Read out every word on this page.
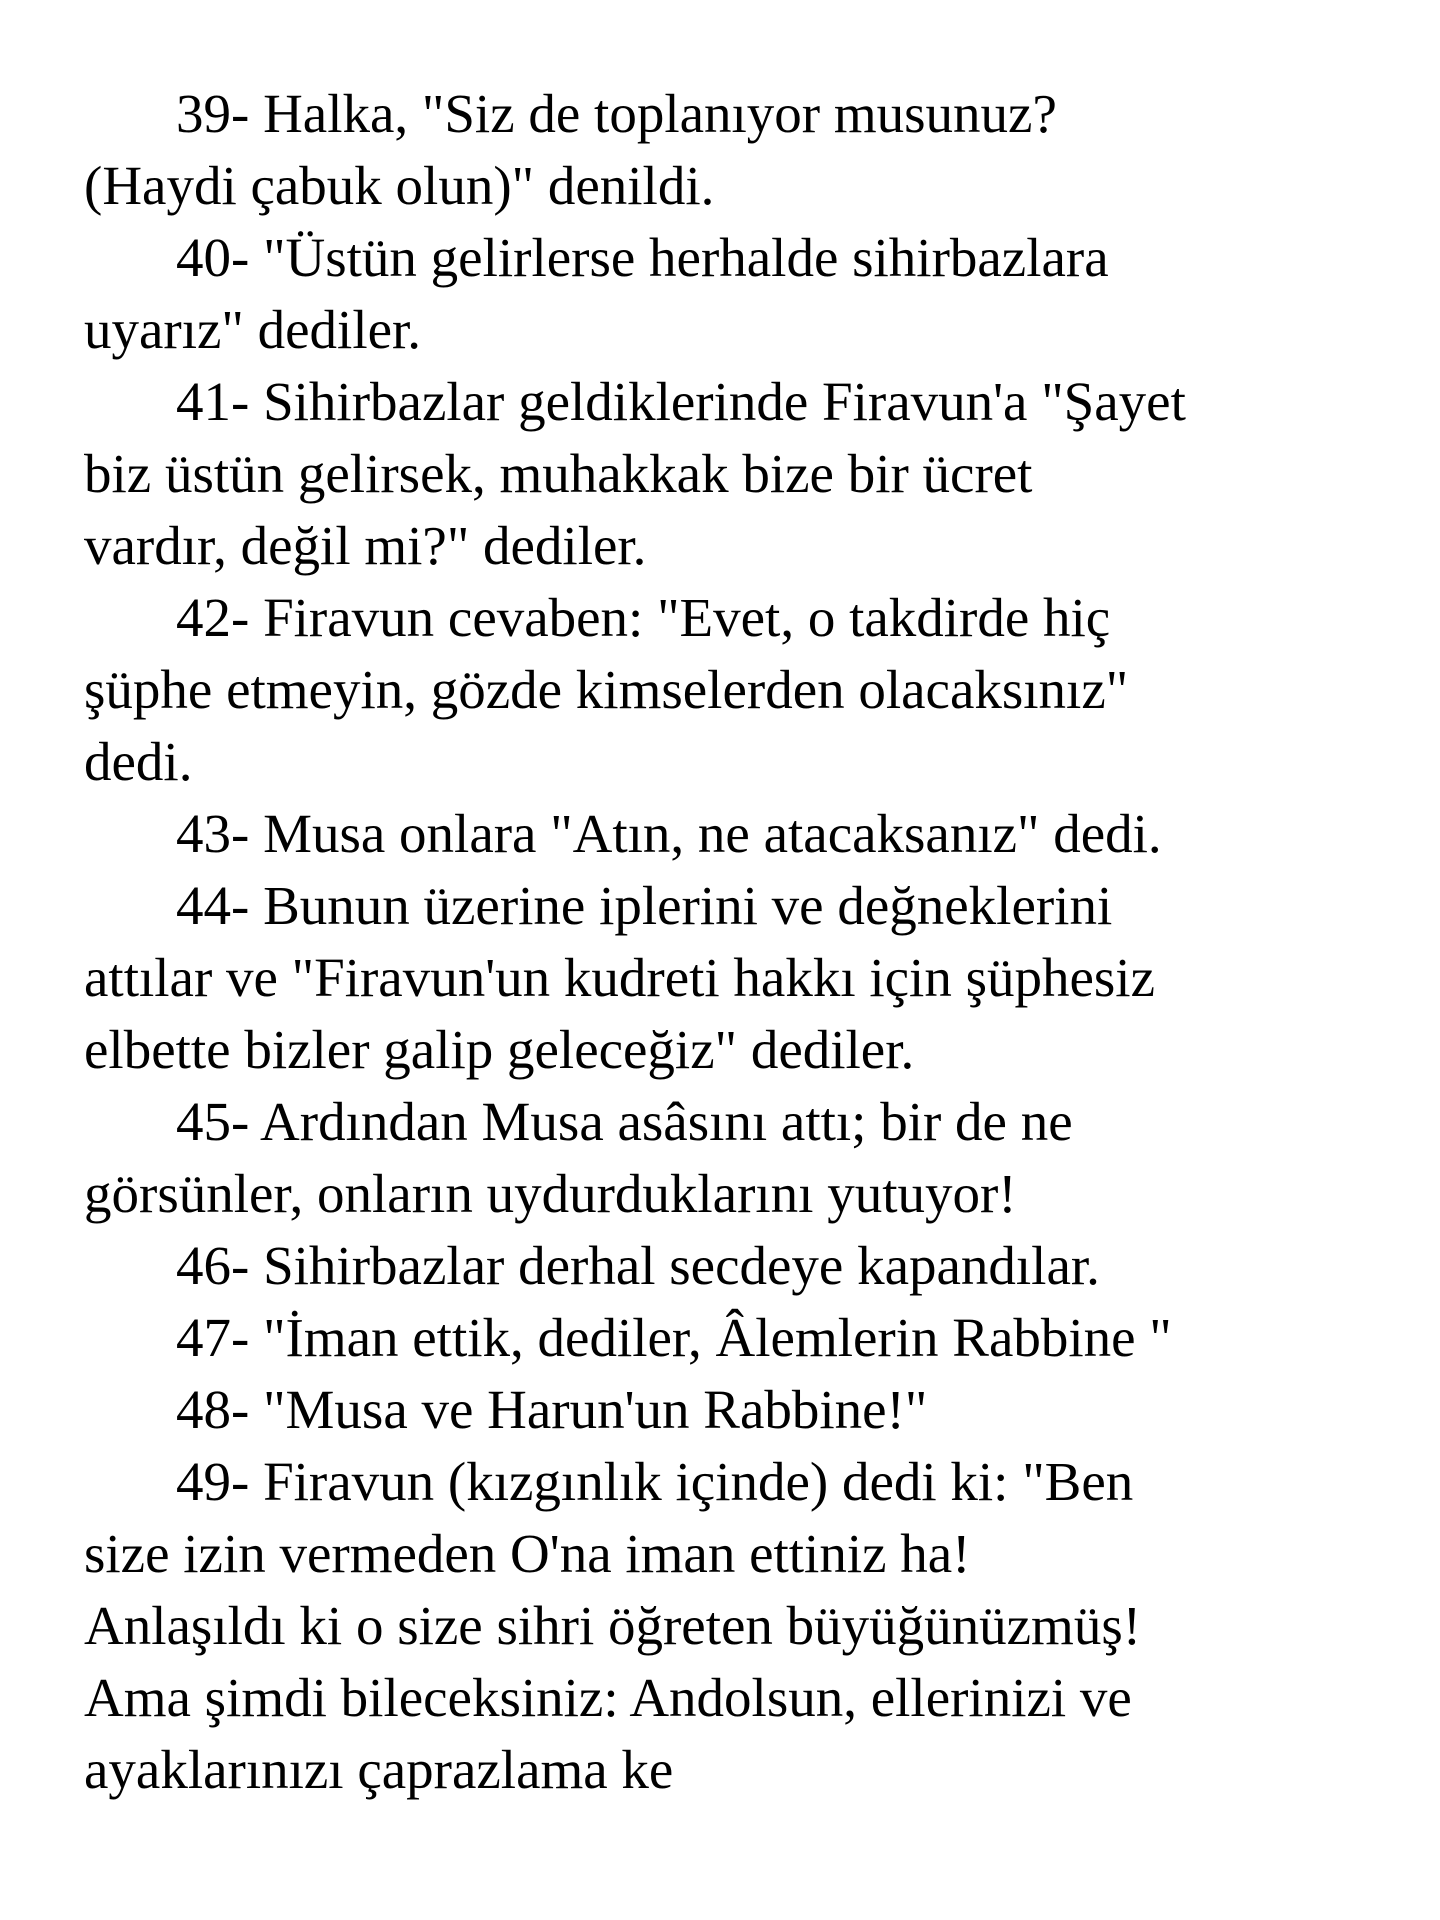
39- Halka, "Siz de toplanıyor musunuz?
(Haydi çabuk olun)" denildi.
40- "Üstün gelirlerse herhalde sihirbazlara
uyarız" dediler.
41- Sihirbazlar geldiklerinde Firavun'a "Şayet
biz üstün gelirsek, muhakkak bize bir ücret
vardır, değil mi?" dediler.
42- Firavun cevaben: "Evet, o takdirde hiç
şüphe etmeyin, gözde kimselerden olacaksınız"
dedi.
43- Musa onlara "Atın, ne atacaksanız" dedi.
44- Bunun üzerine iplerini ve değneklerini
attılar ve "Firavun'un kudreti hakkı için şüphesiz
elbette bizler galip geleceğiz" dediler.
45- Ardından Musa asâsını attı; bir de ne
görsünler, onların uydurduklarını yutuyor!
46- Sihirbazlar derhal secdeye kapandılar.
47- "İman ettik, dediler, Âlemlerin Rabbine "
48- "Musa ve Harun'un Rabbine!"
49- Firavun (kızgınlık içinde) dedi ki: "Ben
size izin vermeden O'na iman ettiniz ha!
Anlaşıldı ki o size sihri öğreten büyüğünüzmüş!
Ama şimdi bileceksiniz: Andolsun, ellerinizi ve
ayaklarınızı çaprazlama ke
